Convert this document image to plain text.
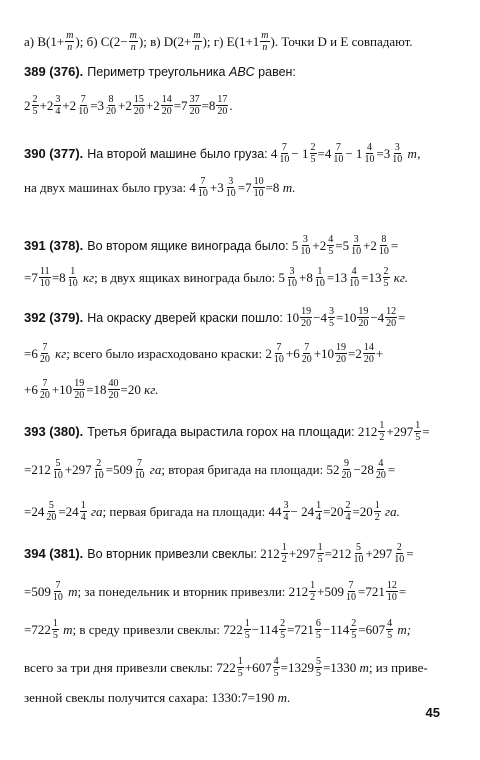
а) $B(1+ \frac{m}{n}$ ); б) $C(2- \frac{m}{n}$ ); в) $D(2+ \frac{m}{n}$ ); г) E(1+1 m
n ). Точки D и E совпадают.
389 (376). Периметр треугольника ABC равен:
2 2
5 +2 3
4 +2 7
10 =3 8
20 +2 15
20 +2 14
20 =7 37
20 =8 17
20 .
390 (377). На второй машине было груза: 4 7
10 − 1 2
5 =4 7
10 − 1 4
10 =3 3
10
т,
на двух машинах было груза: 4 7
10 +3 3
10 =7 10
10 =8 т.
391 (378). Во втором ящике винограда было: 5 3
10 +2 4
5 =5 3
10 +2 8
10 =
=7 11
10 =8 1
10
кг ; в двух ящиках винограда было: 5 3
10 +8 1
10 =13 4
10 =13 2
5
кг.
392 (379). На окраску дверей краски пошло: 10 19
20 −4 3
5 =10 19
20 −4 12
20 =
=6 7
20
кг ; всего было израсходовано краски: 2 7
10 +6 7
20 +10 19
20 =2 14
20 +
+6 7
20 +10 19
20 =18 40
20 =20 кг.
393 (380). Третья бригада вырастила горох на площади: 212 1
2 +297 1
5 =
=212 5
10 +297 2
10 =509 7
10
га ; вторая бригада на площади: 52 9
20 −28 4
20 =
=24 5
20 =24 1
4
га ; первая бригада на площади: 44 3
4 − 24 1
4 =20 2
4 =20 1
2
га.
394 (381). Во вторник привезли свеклы: 212 1
2 +297 1
5 =212 5
10 +297 2
10 =
=509 7
10
т ; за понедельник и вторник привезли: 212 1
2 +509 7
10 =721 12
10 =
=722 1
5
т ; в среду привезли свеклы: 722 1
5 −114 2
5 =721 6
5 −114 2
5 =607 4
5
т;
всего за три дня привезли свеклы: 722 1
5 +607 4
5 =1329 5
5 =1330 т ; из приве-
зенной свеклы получится сахара: 1330:7=190 т.
45
